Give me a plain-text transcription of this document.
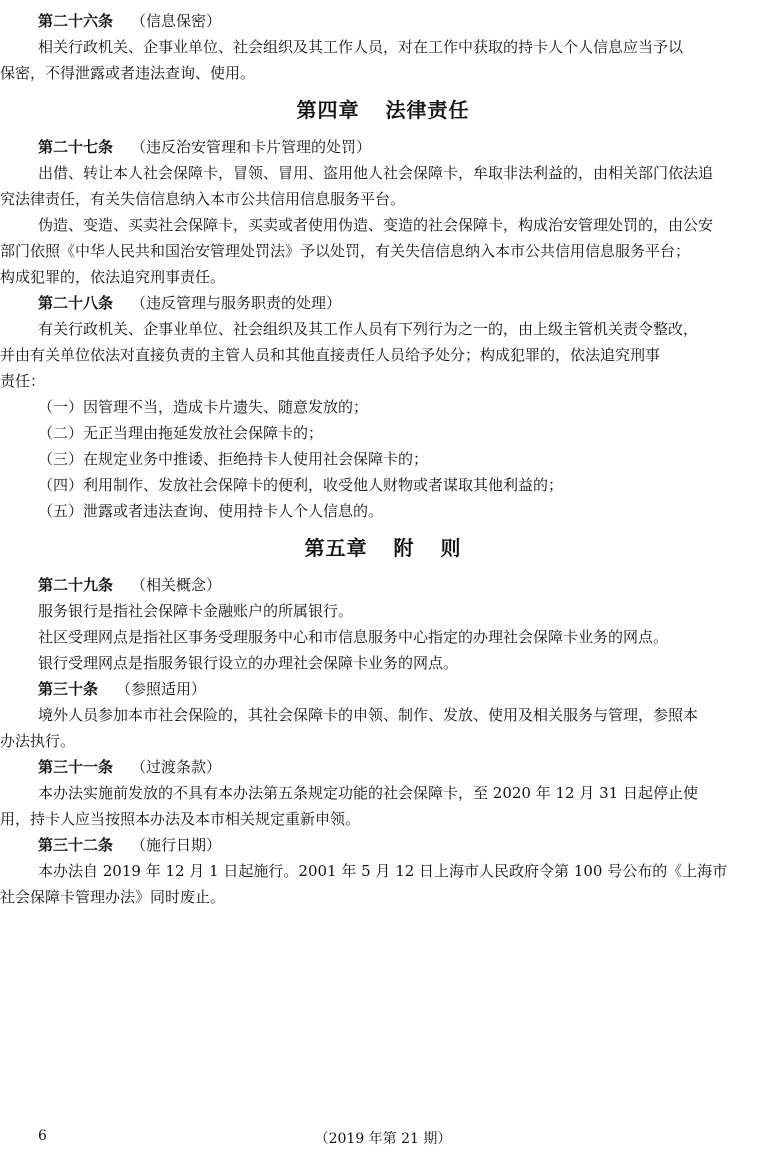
第二十六条 （信息保密）

相关行政机关、企事业单位、社会组织及其工作人员，对在工作中获取的持卡人个人信息应当予以

保密，不得泄露或者违法查询、使用。

第四章 法律责任
第二十七条 （违反治安管理和卡片管理的处罚）

出借、转让本人社会保障卡，冒领、冒用、盗用他人社会保障卡，牟取非法利益的，由相关部门依法追

究法律责任，有关失信信息纳入本市公共信用信息服务平台。

伪造、变造、买卖社会保障卡，买卖或者使用伪造、变造的社会保障卡，构成治安管理处罚的，由公安

部门依照《中华人民共和国治安管理处罚法》予以处罚，有关失信信息纳入本市公共信用信息服务平台；

构成犯罪的，依法追究刑事责任。

第二十八条 （违反管理与服务职责的处理）

有关行政机关、企事业单位、社会组织及其工作人员有下列行为之一的，由上级主管机关责令整改，

并由有关单位依法对直接负责的主管人员和其他直接责任人员给予处分；构成犯罪的，依法追究刑事

责任：

（一）因管理不当，造成卡片遗失、随意发放的；

（二）无正当理由拖延发放社会保障卡的；

（三）在规定业务中推诿、拒绝持卡人使用社会保障卡的；

（四）利用制作、发放社会保障卡的便利，收受他人财物或者谋取其他利益的；

（五）泄露或者违法查询、使用持卡人个人信息的。

第五章 附 则
第二十九条 （相关概念）

服务银行是指社会保障卡金融账户的所属银行。

社区受理网点是指社区事务受理服务中心和市信息服务中心指定的办理社会保障卡业务的网点。

银行受理网点是指服务银行设立的办理社会保障卡业务的网点。

第三十条 （参照适用）

境外人员参加本市社会保险的，其社会保障卡的申领、制作、发放、使用及相关服务与管理，参照本

办法执行。

第三十一条 （过渡条款）

本办法实施前发放的不具有本办法第五条规定功能的社会保障卡，至 2020 年 12 月 31 日起停止使

用，持卡人应当按照本办法及本市相关规定重新申领。

第三十二条 （施行日期）

本办法自 2019 年 12 月 1 日起施行。2001 年 5 月 12 日上海市人民政府令第 100 号公布的《上海市

社会保障卡管理办法》同时废止。

6	（2019 年第 21 期）
